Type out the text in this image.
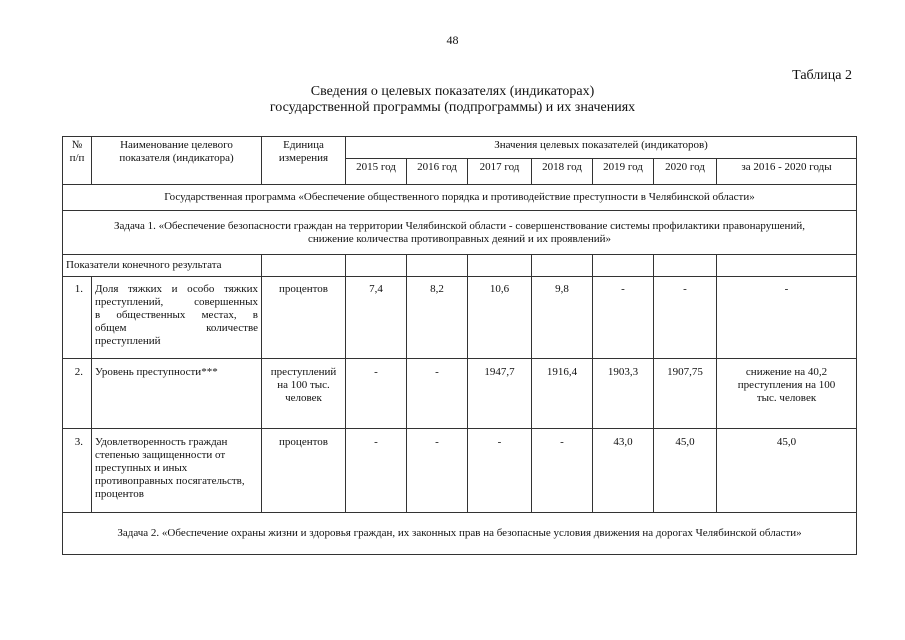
48
Таблица 2
Сведения о целевых показателях (индикаторах)
государственной программы (подпрограммы) и их значениях
№ п/п	Наименование целевого показателя (индикатора)	Единица измерения	Значения целевых показателей (индикаторов)						
			2015 год	2016 год	2017 год	2018 год	2019 год	2020 год	за 2016 - 2020 годы
Государственная программа «Обеспечение общественного порядка и противодействие преступности в Челябинской области»									
Задача 1. «Обеспечение безопасности граждан на территории Челябинской области - совершенствование системы профилактики правонарушений, снижение количества противоправных деяний и их проявлений»									
Показатели конечного результата									
1.	Доля тяжких и особо тяжких
преступлений, совершенных
в общественных местах, в
общем количестве
преступлений	процентов	7,4	8,2	10,6	9,8	-	-	-
2.	Уровень преступности***	преступлений на 100 тыс. человек	-	-	1947,7	1916,4	1903,3	1907,75	снижение на 40,2 преступления на 100 тыс. человек
3.	Удовлетворенность граждан степенью защищенности от преступных и иных противоправных посягательств, процентов	процентов	-	-	-	-	43,0	45,0	45,0
Задача 2. «Обеспечение охраны жизни и здоровья граждан, их законных прав на безопасные условия движения на дорогах Челябинской области»									
